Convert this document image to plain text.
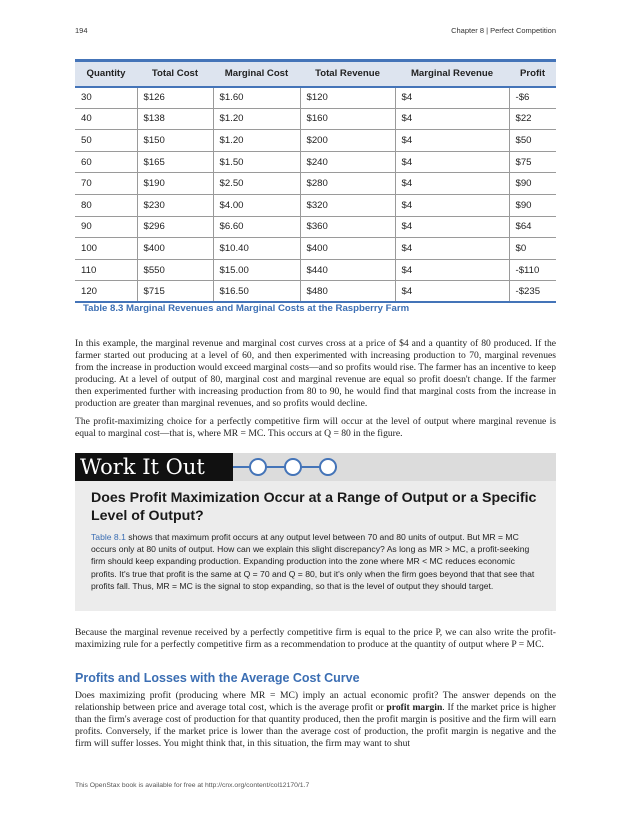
194	Chapter 8 | Perfect Competition
Quantity	Total Cost	Marginal Cost	Total Revenue	Marginal Revenue	Profit
30	$126	$1.60	$120	$4	-$6
40	$138	$1.20	$160	$4	$22
50	$150	$1.20	$200	$4	$50
60	$165	$1.50	$240	$4	$75
70	$190	$2.50	$280	$4	$90
80	$230	$4.00	$320	$4	$90
90	$296	$6.60	$360	$4	$64
100	$400	$10.40	$400	$4	$0
110	$550	$15.00	$440	$4	-$110
120	$715	$16.50	$480	$4	-$235
Table 8.3 Marginal Revenues and Marginal Costs at the Raspberry Farm

In this example, the marginal revenue and marginal cost curves cross at a price of $4 and a quantity of 80 produced. If the farmer started out producing at a level of 60, and then experimented with increasing production to 70, marginal revenues from the increase in production would exceed marginal costs—and so profits would rise. The farmer has an incentive to keep producing. At a level of output of 80, marginal cost and marginal revenue are equal so profit doesn't change. If the farmer then experimented further with increasing production from 80 to 90, he would find that marginal costs from the increase in production are greater than marginal revenues, and so profits would decline.

The profit-maximizing choice for a perfectly competitive firm will occur at the level of output where marginal revenue is equal to marginal cost—that is, where MR = MC. This occurs at Q = 80 in the figure.

Work It Out
Does Profit Maximization Occur at a Range of Output or a Specific Level of Output?

Table 8.1 shows that maximum profit occurs at any output level between 70 and 80 units of output. But MR = MC occurs only at 80 units of output. How can we explain this slight discrepancy? As long as MR > MC, a profit-seeking firm should keep expanding production. Expanding production into the zone where MR < MC reduces economic profits. It's true that profit is the same at Q = 70 and Q = 80, but it's only when the firm goes beyond that that see that profits fall. Thus, MR = MC is the signal to stop expanding, so that is the level of output they should target.

Because the marginal revenue received by a perfectly competitive firm is equal to the price P, we can also write the profit-maximizing rule for a perfectly competitive firm as a recommendation to produce at the quantity of output where P = MC.

Profits and Losses with the Average Cost Curve

Does maximizing profit (producing where MR = MC) imply an actual economic profit? The answer depends on the relationship between price and average total cost, which is the average profit or profit margin. If the market price is higher than the firm's average cost of production for that quantity produced, then the profit margin is positive and the firm will earn profits. Conversely, if the market price is lower than the average cost of production, the profit margin is negative and the firm will suffer losses. You might think that, in this situation, the firm may want to shut

This OpenStax book is available for free at http://cnx.org/content/col12170/1.7
